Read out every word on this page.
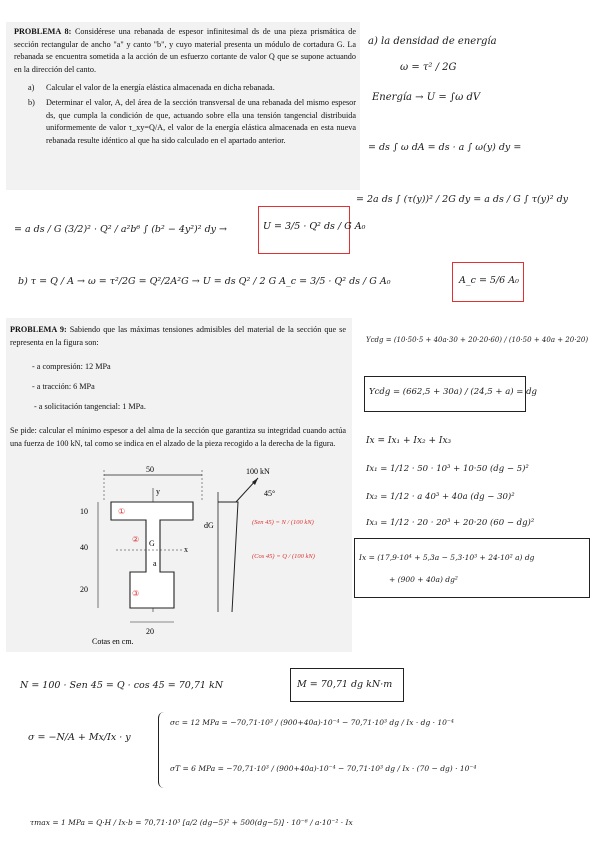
PROBLEMA 8: Considérese una rebanada de espesor infinitesimal ds de una pieza prismática de sección rectangular de ancho "a" y canto "b", y cuyo material presenta un módulo de cortadura G. La rebanada se encuentra sometida a la acción de un esfuerzo cortante de valor Q que se supone actuando en la dirección del canto.
a) Calcular el valor de la energía elástica almacenada en dicha rebanada.
b) Determinar el valor, A, del área de la sección transversal de una rebanada del mismo espesor ds, que cumpla la condición de que, actuando sobre ella una tensión tangencial distribuida uniformemente de valor τ_xy=Q/A, el valor de la energía elástica almacenada en esta nueva rebanada resulte idéntico al que ha sido calculado en el apartado anterior.
a) la densidad de energía
ω = τ² / 2G
Energía → U = ∫ω dV
= ds ∫ ω dA = ds · a ∫ ω(y) dy =
= 2a ds ∫ (τ(y))² / 2G dy = a ds / G ∫ τ(y)² dy
= a ds / G (3/2)² · Q² / a²b⁶ ∫ (b² − 4y²)² dy →	U = 3/5 · Q² ds / G A₀
b) τ = Q / A → ω = τ²/2G = Q²/2A²G → U = ds Q² / 2 G A_c = 3/5 · Q² ds / G A₀	A_c = 5/6 A₀
PROBLEMA 9: Sabiendo que las máximas tensiones admisibles del material de la sección que se representa en la figura son:
- a compresión: 12 MPa
- a tracción: 6 MPa
- a solicitación tangencial: 1 MPa.
Se pide: calcular el mínimo espesor a del alma de la sección que garantiza su integridad cuando actúa una fuerza de 100 kN, tal como se indica en el alzado de la pieza recogido a la derecha de la figura.
50
y
x
G
a
①
②
③
10
40
20
20
Cotas en cm.
100 kN
45°
dG	(Sen 45) = N / (100 kN)
(Cos 45) = Q / (100 kN)
Ycdg = (10·50·5 + 40a·30 + 20·20·60) / (10·50 + 40a + 20·20)
Ycdg = (662,5 + 30a) / (24,5 + a) = dg
Ix = Ix₁ + Ix₂ + Ix₃
Ix₁ = 1/12 · 50 · 10³ + 10·50 (dg − 5)²
Ix₂ = 1/12 · a 40³ + 40a (dg − 30)²
Ix₃ = 1/12 · 20 · 20³ + 20·20 (60 − dg)²
Ix = (17,9·10⁴ + 5,3a − 5,3·10³ + 24·10² a) dg
+ (900 + 40a) dg²
N = 100 · Sen 45 = Q · cos 45 = 70,71 kN	M = 70,71 dg kN·m
σ = −N/A + Mx/Ix · y
σc = 12 MPa = −70,71·10³ / (900+40a)·10⁻⁴ − 70,71·10³ dg / Ix · dg · 10⁻⁴
σT = 6 MPa = −70,71·10³ / (900+40a)·10⁻⁴ − 70,71·10³ dg / Ix · (70 − dg) · 10⁻⁴
τmax = 1 MPa = Q·H / Ix·b = 70,71·10³ [a/2 (dg−5)² + 500(dg−5)] · 10⁻⁶ / a·10⁻² · Ix
